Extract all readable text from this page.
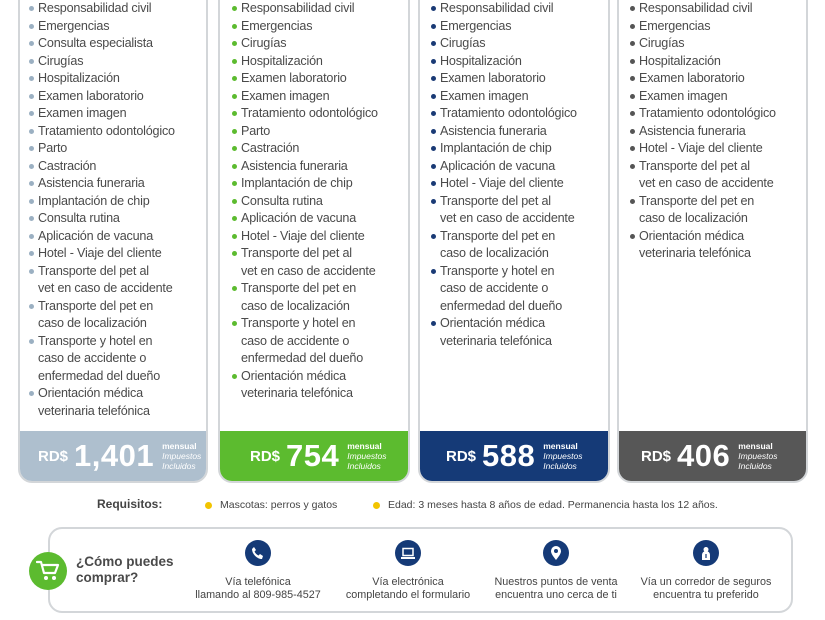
Responsabilidad civil
Emergencias
Consulta especialista
Cirugías
Hospitalización
Examen laboratorio
Examen imagen
Tratamiento odontológico
Parto
Castración
Asistencia funeraria
Implantación de chip
Consulta rutina
Aplicación de vacuna
Hotel - Viaje del cliente
Transporte del pet al
vet en caso de accidente
Transporte del pet en
caso de localización
Transporte y hotel en
caso de accidente o
enfermedad del dueño
Orientación médica
veterinaria telefónica
RD$ 1,401 mensual
Impuestos
Incluidos
Responsabilidad civil
Emergencias
Cirugías
Hospitalización
Examen laboratorio
Examen imagen
Tratamiento odontológico
Parto
Castración
Asistencia funeraria
Implantación de chip
Consulta rutina
Aplicación de vacuna
Hotel - Viaje del cliente
Transporte del pet al
vet en caso de accidente
Transporte del pet en
caso de localización
Transporte y hotel en
caso de accidente o
enfermedad del dueño
Orientación médica
veterinaria telefónica
RD$ 754 mensual
Impuestos
Incluidos
Responsabilidad civil
Emergencias
Cirugías
Hospitalización
Examen laboratorio
Examen imagen
Tratamiento odontológico
Asistencia funeraria
Implantación de chip
Aplicación de vacuna
Hotel - Viaje del cliente
Transporte del pet al
vet en caso de accidente
Transporte del pet en
caso de localización
Transporte y hotel en
caso de accidente o
enfermedad del dueño
Orientación médica
veterinaria telefónica
RD$ 588 mensual
Impuestos
Incluidos
Responsabilidad civil
Emergencias
Cirugías
Hospitalización
Examen laboratorio
Examen imagen
Tratamiento odontológico
Asistencia funeraria
Hotel - Viaje del cliente
Transporte del pet al
vet en caso de accidente
Transporte del pet en
caso de localización
Orientación médica
veterinaria telefónica
RD$ 406 mensual
Impuestos
Incluidos
Requisitos:	Mascotas: perros y gatos	Edad: 3 meses hasta 8 años de edad. Permanencia hasta los 12 años.
¿Cómo puedes
comprar?	Vía telefónica
llamando al 809-985-4527
Vía electrónica
completando el formulario
Nuestros puntos de venta
encuentra uno cerca de ti
Vía un corredor de seguros
encuentra tu preferido
